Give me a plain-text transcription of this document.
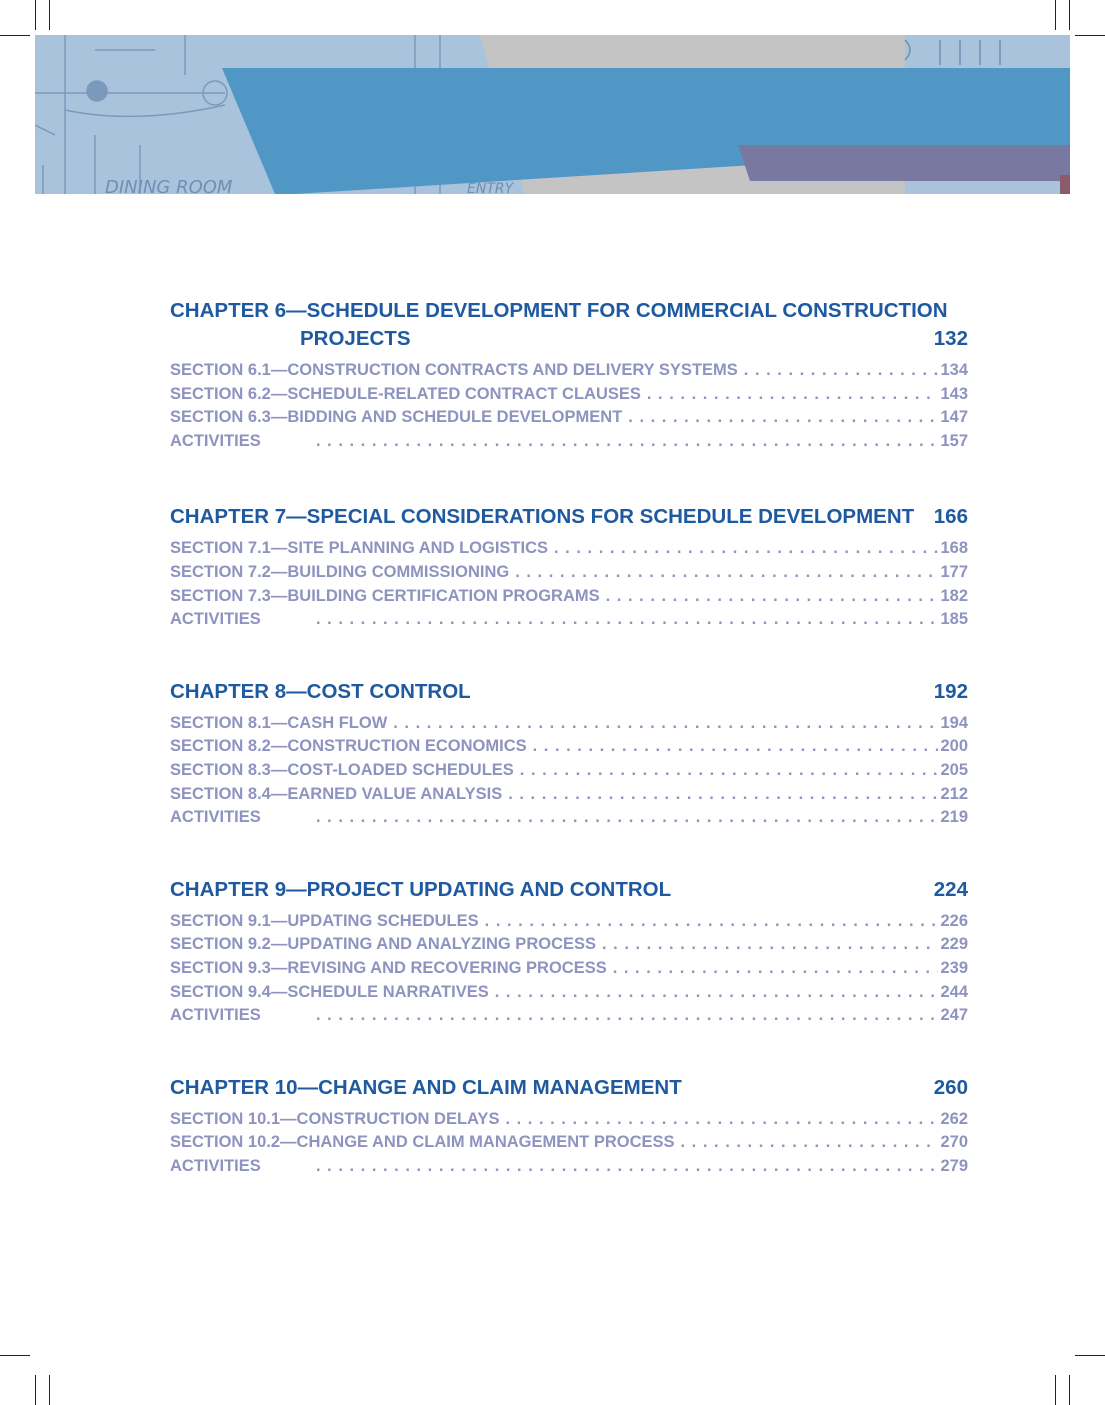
DINING ROOM	ENTRY
CHAPTER 6—SCHEDULE DEVELOPMENT FOR COMMERCIAL CONSTRUCTION
PROJECTS	132
SECTION 6.1—CONSTRUCTION CONTRACTS AND DELIVERY SYSTEMS . . .	134
SECTION 6.2—SCHEDULE-RELATED CONTRACT CLAUSES . . .	143
SECTION 6.3—BIDDING AND SCHEDULE DEVELOPMENT . . .	147
ACTIVITIES . . .	157
CHAPTER 7—SPECIAL CONSIDERATIONS FOR SCHEDULE DEVELOPMENT 166
SECTION 7.1—SITE PLANNING AND LOGISTICS . . .	168
SECTION 7.2—BUILDING COMMISSIONING . . .	177
SECTION 7.3—BUILDING CERTIFICATION PROGRAMS . . .	182
ACTIVITIES . . .	185
CHAPTER 8—COST CONTROL	192
SECTION 8.1—CASH FLOW . . .	194
SECTION 8.2—CONSTRUCTION ECONOMICS . . .	200
SECTION 8.3—COST-LOADED SCHEDULES . . .	205
SECTION 8.4—EARNED VALUE ANALYSIS . . .	212
ACTIVITIES . . .	219
CHAPTER 9—PROJECT UPDATING AND CONTROL	224
SECTION 9.1—UPDATING SCHEDULES . . .	226
SECTION 9.2—UPDATING AND ANALYZING PROCESS . . .	229
SECTION 9.3—REVISING AND RECOVERING PROCESS . . .	239
SECTION 9.4—SCHEDULE NARRATIVES . . .	244
ACTIVITIES . . .	247
CHAPTER 10—CHANGE AND CLAIM MANAGEMENT	260
SECTION 10.1—CONSTRUCTION DELAYS . . .	262
SECTION 10.2—CHANGE AND CLAIM MANAGEMENT PROCESS . . .	270
ACTIVITIES . . .	279
